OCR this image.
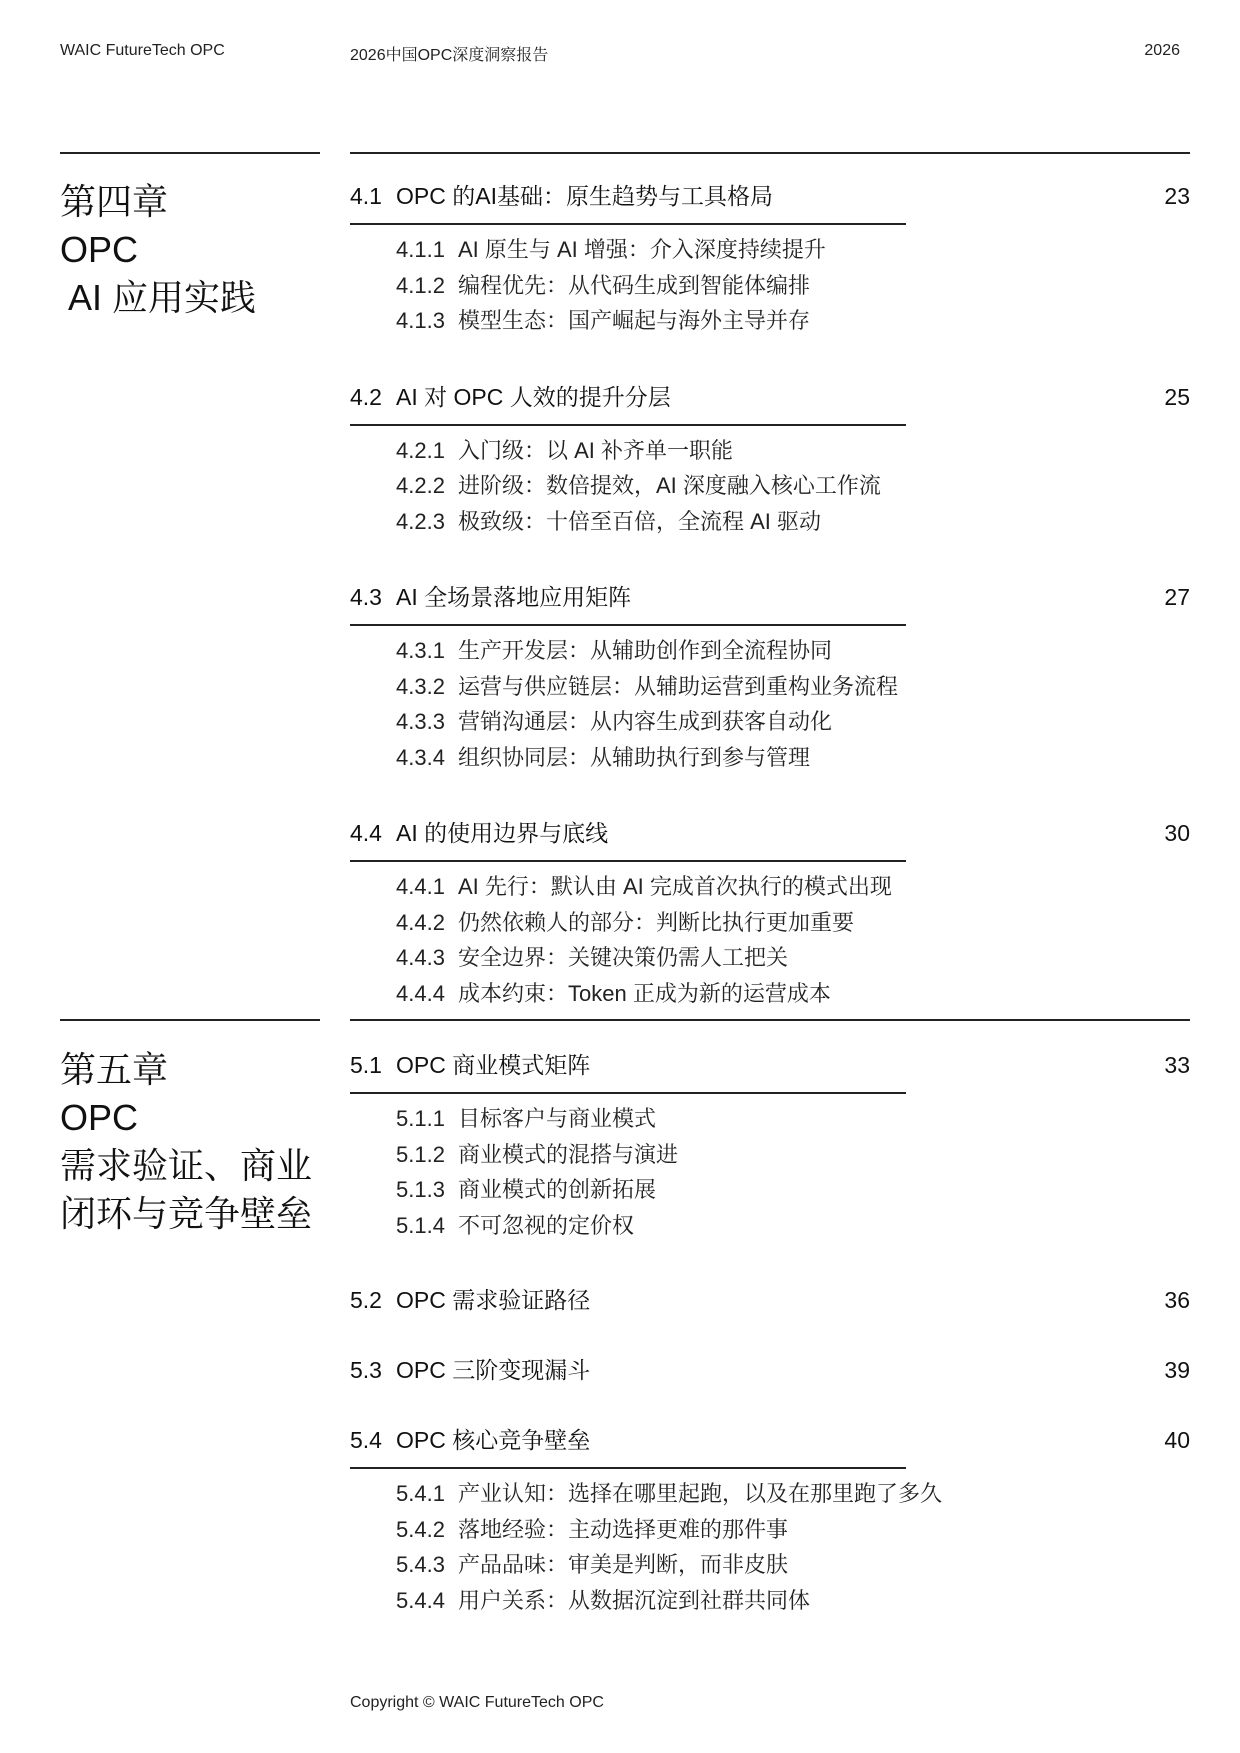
WAIC FutureTech OPC	2026中国OPC深度洞察报告	2026
第四章
OPC
AI 应用实践
4.1 OPC 的AI基础：原生趋势与工具格局	23
4.1.1 AI 原生与 AI 增强：介入深度持续提升
4.1.2 编程优先：从代码生成到智能体编排
4.1.3 模型生态：国产崛起与海外主导并存
4.2 AI 对 OPC 人效的提升分层	25
4.2.1 入门级：以 AI 补齐单一职能
4.2.2 进阶级：数倍提效，AI 深度融入核心工作流
4.2.3 极致级：十倍至百倍，全流程 AI 驱动
4.3 AI 全场景落地应用矩阵	27
4.3.1 生产开发层：从辅助创作到全流程协同
4.3.2 运营与供应链层：从辅助运营到重构业务流程
4.3.3 营销沟通层：从内容生成到获客自动化
4.3.4 组织协同层：从辅助执行到参与管理
4.4 AI 的使用边界与底线	30
4.4.1 AI 先行：默认由 AI 完成首次执行的模式出现
4.4.2 仍然依赖人的部分：判断比执行更加重要
4.4.3 安全边界：关键决策仍需人工把关
4.4.4 成本约束：Token 正成为新的运营成本
第五章
OPC
需求验证、商业
闭环与竞争壁垒
5.1 OPC 商业模式矩阵	33
5.1.1 目标客户与商业模式
5.1.2 商业模式的混搭与演进
5.1.3 商业模式的创新拓展
5.1.4 不可忽视的定价权
5.2 OPC 需求验证路径	36
5.3 OPC 三阶变现漏斗	39
5.4 OPC 核心竞争壁垒	40
5.4.1 产业认知：选择在哪里起跑，以及在那里跑了多久
5.4.2 落地经验：主动选择更难的那件事
5.4.3 产品品味：审美是判断，而非皮肤
5.4.4 用户关系：从数据沉淀到社群共同体
Copyright © WAIC FutureTech OPC
